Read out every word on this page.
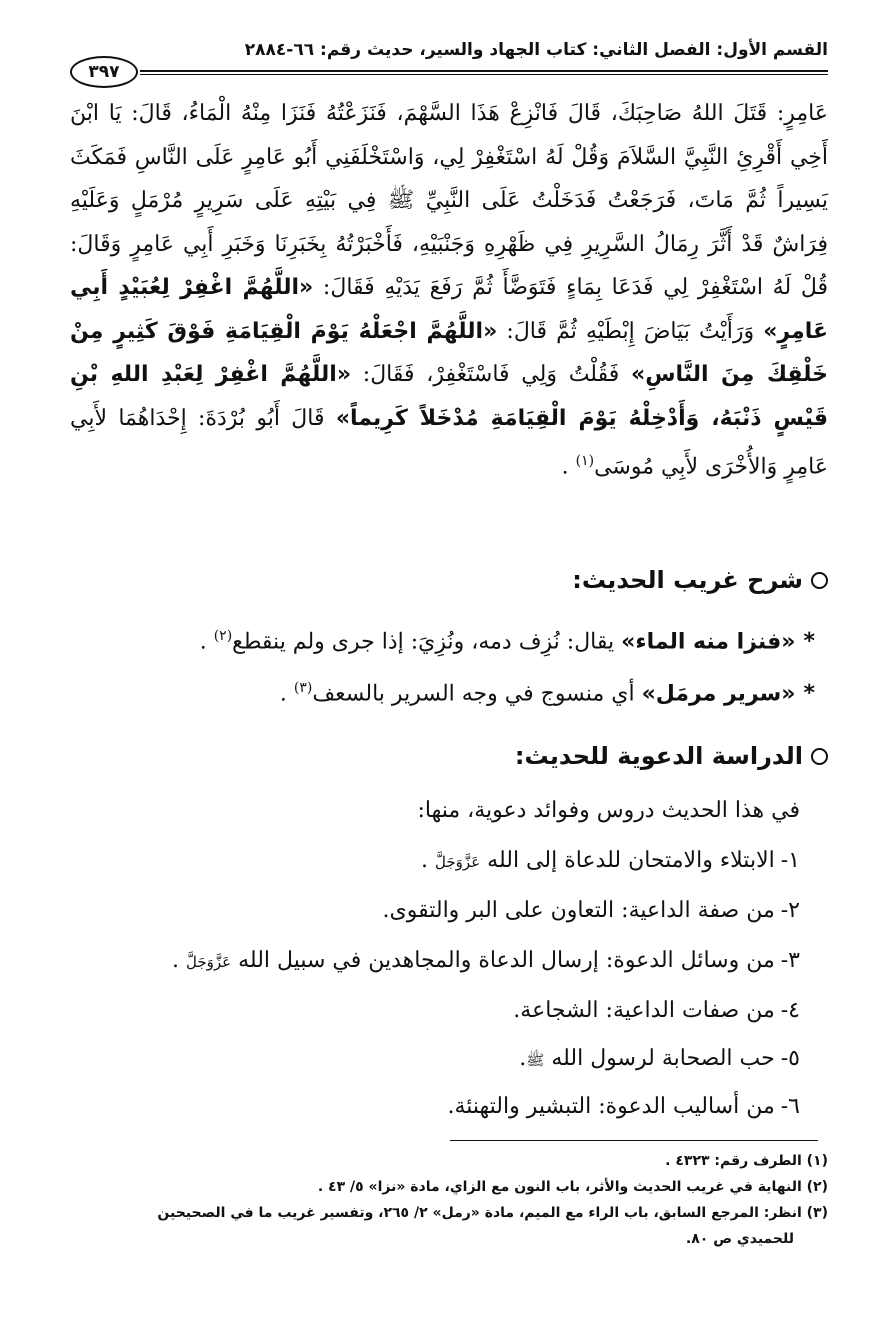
القسم الأول: الفصل الثاني: كتاب الجهاد والسير، حديث رقم: ٦٦-٢٨٨٤
٣٩٧

عَامِرٍ: قَتَلَ اللهُ صَاحِبَكَ، قَالَ فَانْزِعْ هَذَا السَّهْمَ، فَنَزَعْتُهُ فَنَزَا مِنْهُ الْمَاءُ، قَالَ: يَا ابْنَ أَخِي أَقْرِئِ النَّبِيَّ السَّلاَمَ وَقُلْ لَهُ اسْتَغْفِرْ لِي، وَاسْتَخْلَفَنِي أَبُو عَامِرٍ عَلَى النَّاسِ فَمَكَثَ يَسِيراً ثُمَّ مَاتَ، فَرَجَعْتُ فَدَخَلْتُ عَلَى النَّبِيِّ ﷺ فِي بَيْتِهِ عَلَى سَرِيرٍ مُرْمَلٍ وَعَلَيْهِ فِرَاشٌ قَدْ أَثَّرَ رِمَالُ السَّرِيرِ فِي ظَهْرِهِ وَجَنْبَيْهِ، فَأَخْبَرْتُهُ بِخَبَرِنَا وَخَبَرِ أَبِي عَامِرٍ وَقَالَ: قُلْ لَهُ اسْتَغْفِرْ لِي فَدَعَا بِمَاءٍ فَتَوَضَّأَ ثُمَّ رَفَعَ يَدَيْهِ فَقَالَ: «اللَّهُمَّ اغْفِرْ لِعُبَيْدٍ أَبِي عَامِرٍ» وَرَأَيْتُ بَيَاضَ إِبْطَيْهِ ثُمَّ قَالَ: «اللَّهُمَّ اجْعَلْهُ يَوْمَ الْقِيَامَةِ فَوْقَ كَثِيرٍ مِنْ خَلْقِكَ مِنَ النَّاسِ» فَقُلْتُ وَلِي فَاسْتَغْفِرْ، فَقَالَ: «اللَّهُمَّ اغْفِرْ لِعَبْدِ اللهِ بْنِ قَيْسٍ ذَنْبَهُ، وَأَدْخِلْهُ يَوْمَ الْقِيَامَةِ مُدْخَلاً كَرِيماً» قَالَ أَبُو بُرْدَةَ: إِحْدَاهُمَا لأَبِي عَامِرٍ وَالأُخْرَى لأَبِي مُوسَى$^{(١)}$ .

شرح غريب الحديث:
*«فنزا منه الماء» يقال: نُزِف دمه، ونُزِيَ: إذا جرى ولم ينقطع$^{(٢)}$ .
*«سرير مرمَل» أي منسوج في وجه السرير بالسعف$^{(٣)}$ .
الدراسة الدعوية للحديث:
في هذا الحديث دروس وفوائد دعوية، منها:
١-الابتلاء والامتحان للدعاة إلى الله عَزَّوَجَلَّ .
٢-من صفة الداعية: التعاون على البر والتقوى.
٣-من وسائل الدعوة: إرسال الدعاة والمجاهدين في سبيل الله عَزَّوَجَلَّ .
٤-من صفات الداعية: الشجاعة.
٥-حب الصحابة لرسول الله ﷺ.
٦-من أساليب الدعوة: التبشير والتهنئة.

(١) الطرف رقم: ٤٣٢٣ .

(٢) النهاية في غريب الحديث والأثر، باب النون مع الزاي، مادة «نزا» ٥/ ٤٣ .

(٣) انظر: المرجع السابق، باب الراء مع الميم، مادة «رمل» ٢/ ٢٦٥، وتفسير غريب ما في الصحيحين

للحميدي ص ٨٠.
